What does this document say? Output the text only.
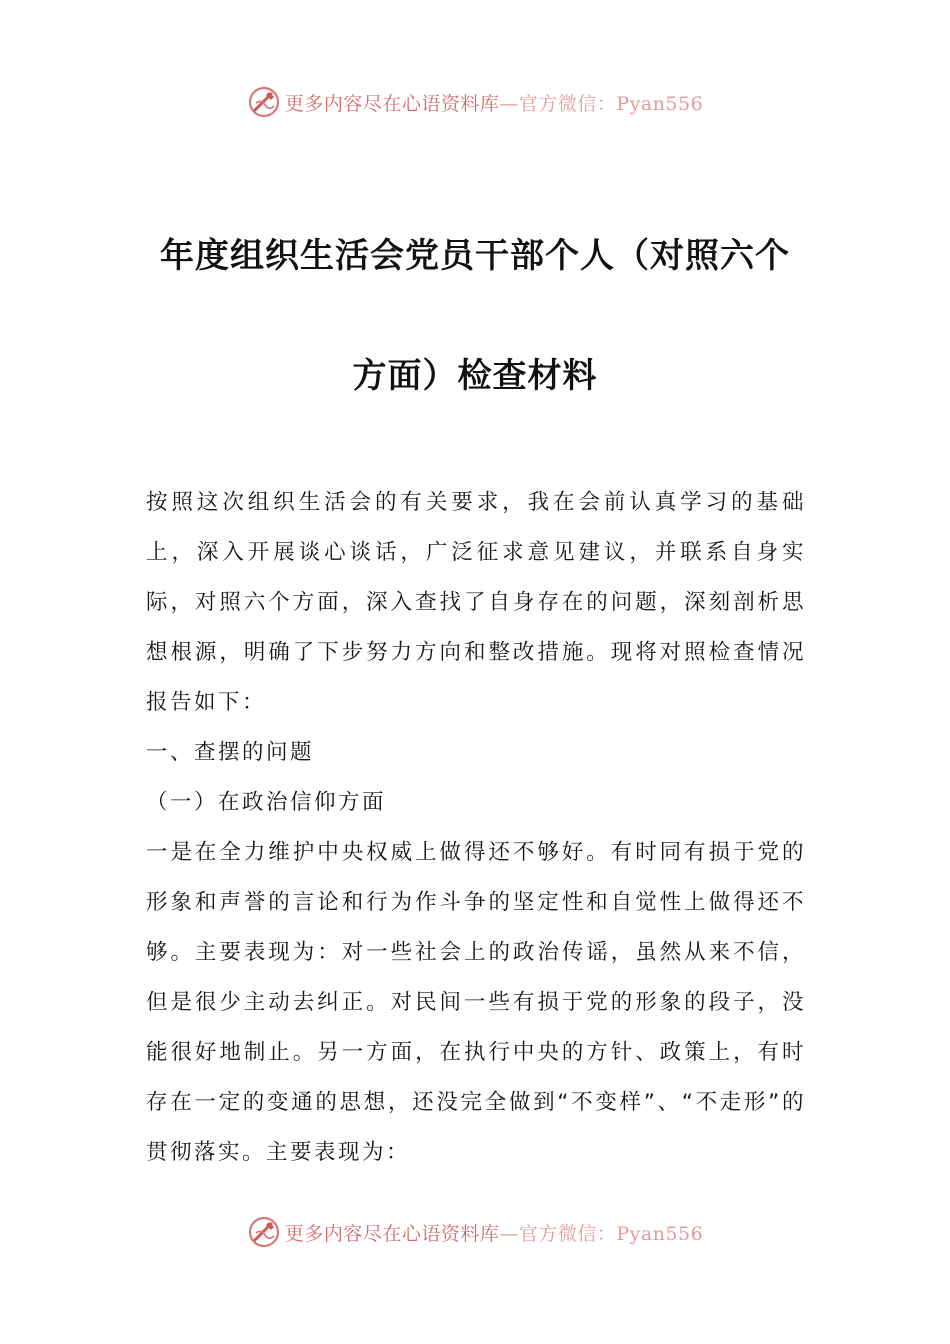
更多内容尽在心语资料库 —官方微信：Pyan556
年度组织生活会党员干部个人（对照六个
方面）检查材料

按照这次组织生活会的有关要求，我在会前认真学习的基础上，深入开展谈心谈话，广泛征求意见建议，并联系自身实际，对照六个方面，深入查找了自身存在的问题，深刻剖析思想根源，明确了下步努力方向和整改措施。现将对照检查情况报告如下：

一、查摆的问题

（一）在政治信仰方面

一是在全力维护中央权威上做得还不够好。有时同有损于党的形象和声誉的言论和行为作斗争的坚定性和自觉性上做得还不够。主要表现为：对一些社会上的政治传谣，虽然从来不信，但是很少主动去纠正。对民间一些有损于党的形象的段子，没能很好地制止。另一方面，在执行中央的方针、政策上，有时存在一定的变通的思想，还没完全做到“不变样”、“不走形”的贯彻落实。主要表现为：

更多内容尽在心语资料库 —官方微信：Pyan556
